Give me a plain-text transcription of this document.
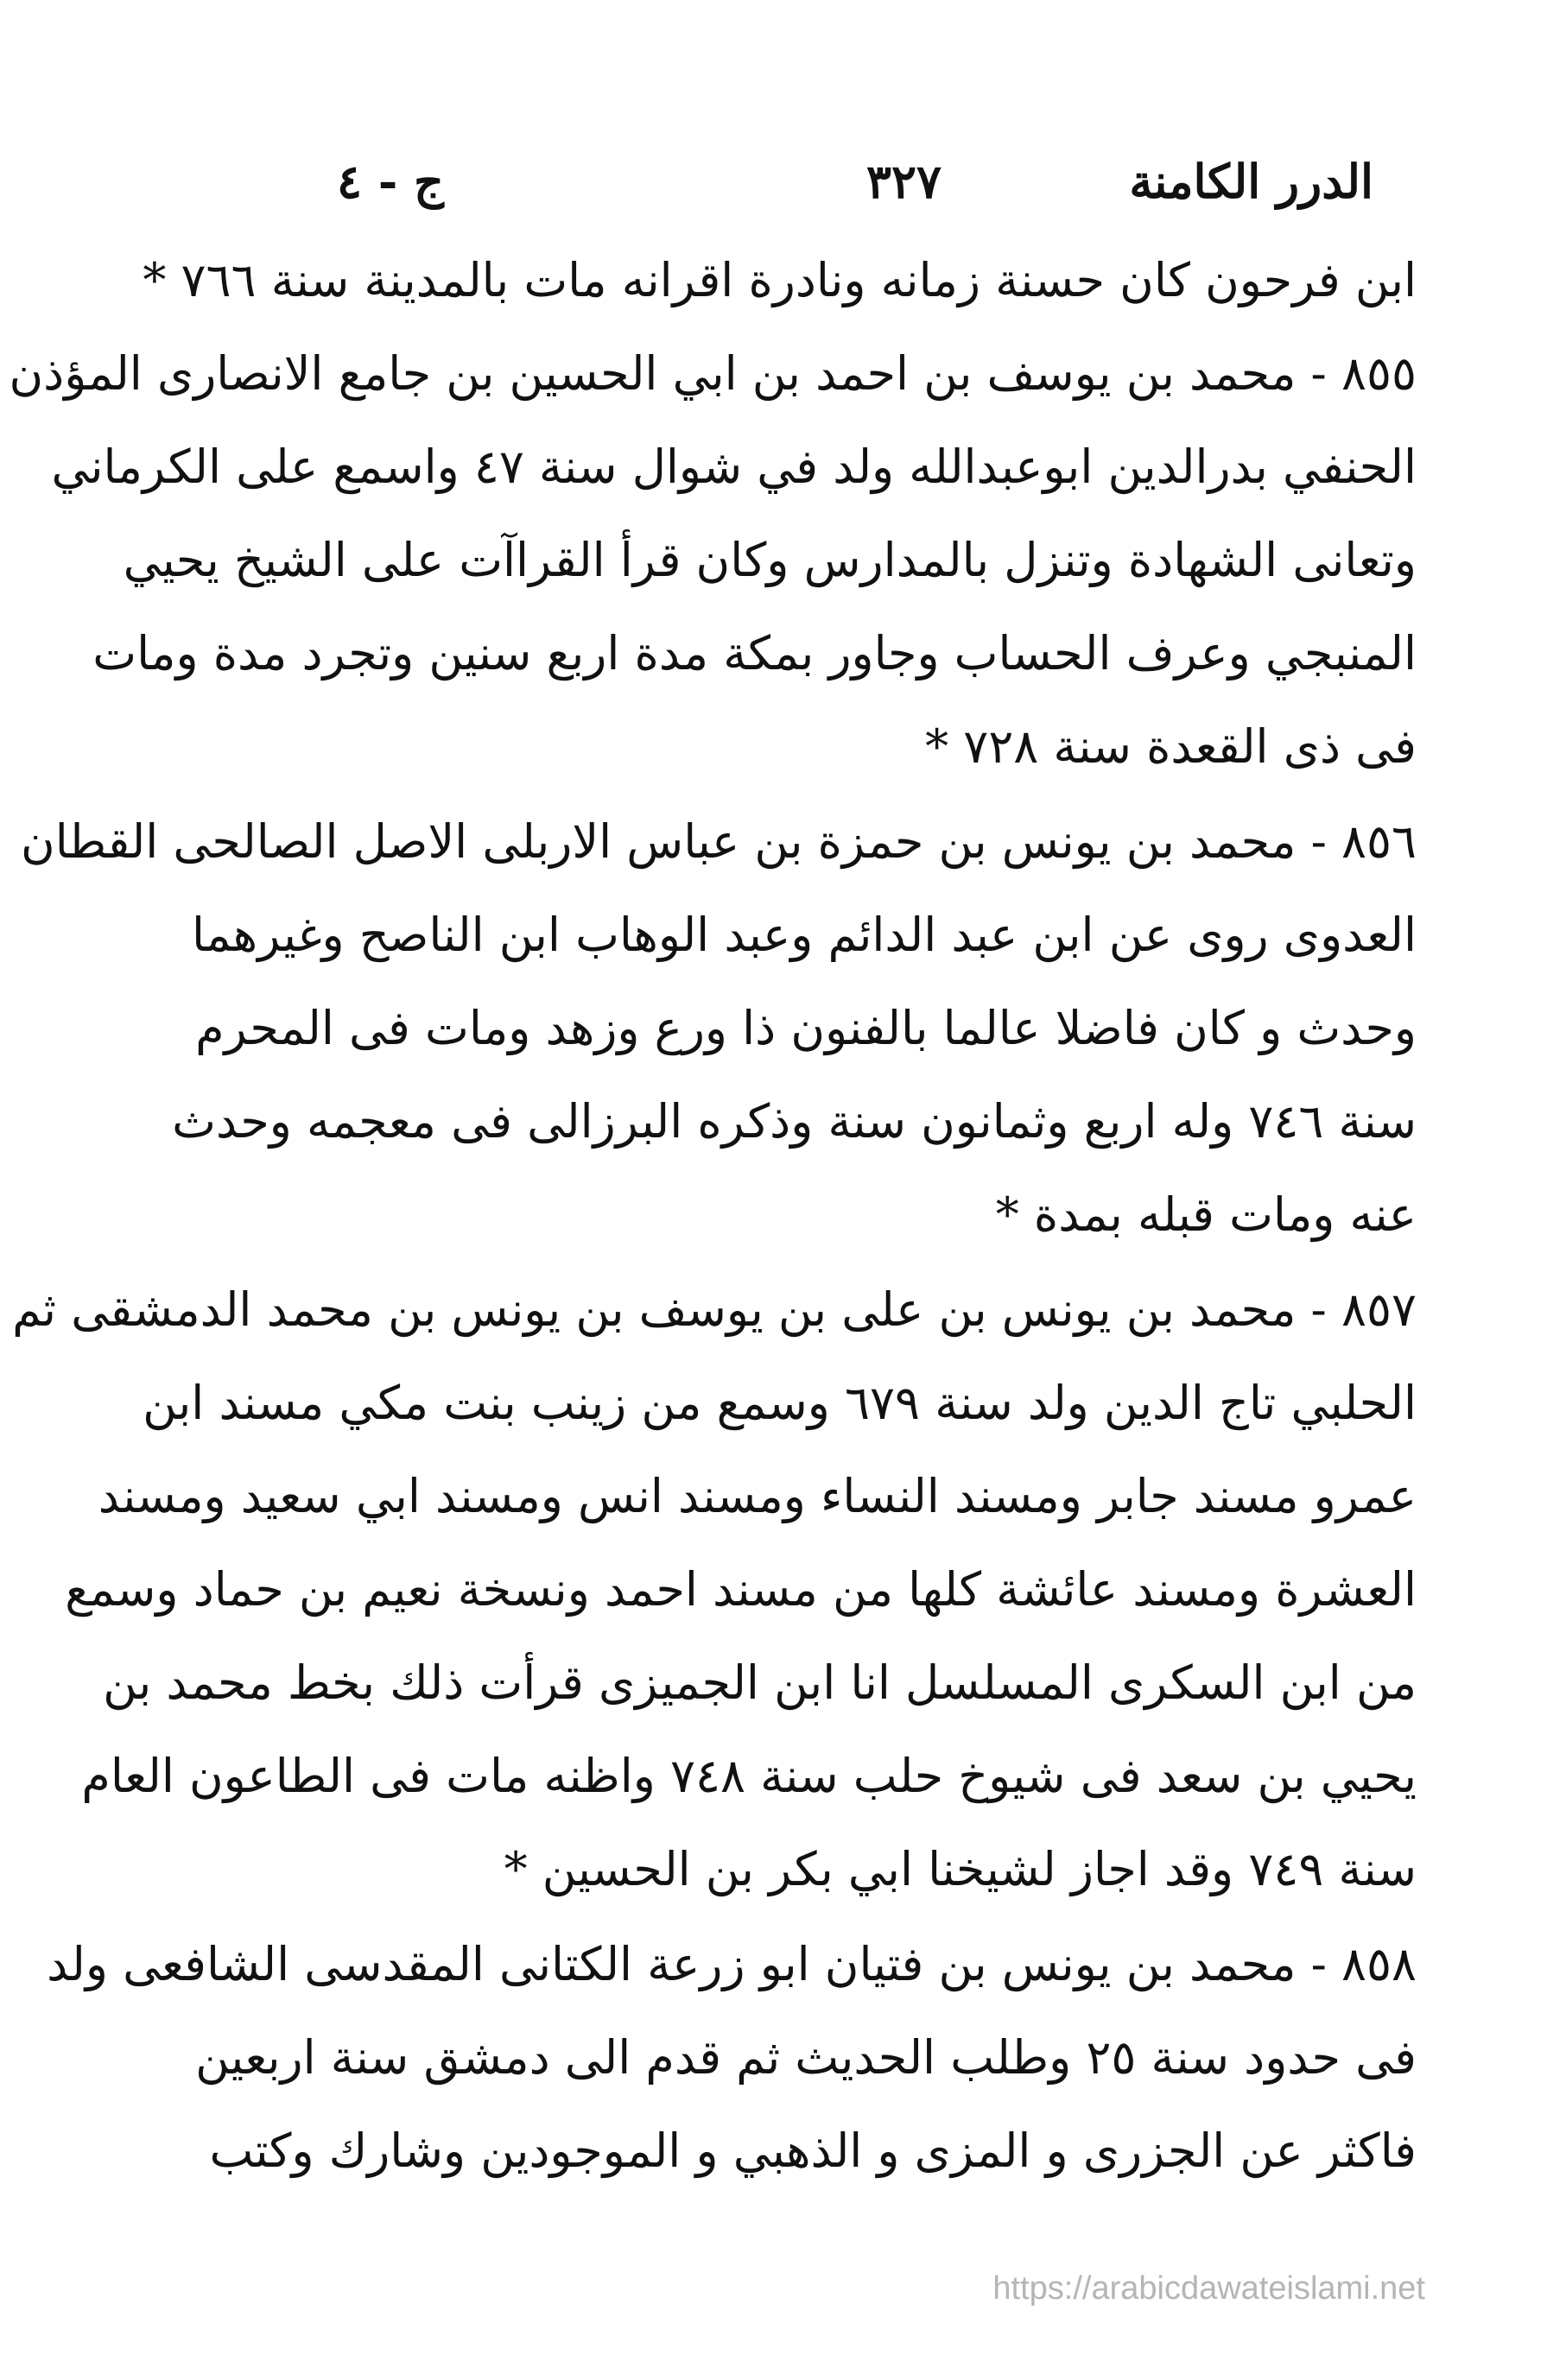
الدرر الكامنة
٣٢٧
ج - ٤
ابن فرحون كان حسنة زمانه ونادرة اقرانه مات بالمدينة سنة ٧٦٦ *
٨٥٥ - محمد بن يوسف بن احمد بن ابي الحسين بن جامع الانصارى المؤذن
الحنفي بدرالدين ابوعبدالله ولد في شوال سنة ٤٧ واسمع على الكرماني
وتعانى الشهادة وتنزل بالمدارس وكان قرأ القراآت على الشيخ يحيي
المنبجي وعرف الحساب وجاور بمكة مدة اربع سنين وتجرد مدة ومات
فى ذى القعدة سنة ٧٢٨ *
٨٥٦ - محمد بن يونس بن حمزة بن عباس الاربلى الاصل الصالحى القطان
العدوى روى عن ابن عبد الدائم وعبد الوهاب ابن الناصح وغيرهما
وحدث و كان فاضلا عالما بالفنون ذا ورع وزهد ومات فى المحرم
سنة ٧٤٦ وله اربع وثمانون سنة وذكره البرزالى فى معجمه وحدث
عنه ومات قبله بمدة *
٨٥٧ - محمد بن يونس بن على بن يوسف بن يونس بن محمد الدمشقى ثم
الحلبي تاج الدين ولد سنة ٦٧٩ وسمع من زينب بنت مكي مسند ابن
عمرو مسند جابر ومسند النساء ومسند انس ومسند ابي سعيد ومسند
العشرة ومسند عائشة كلها من مسند احمد ونسخة نعيم بن حماد وسمع
من ابن السكرى المسلسل انا ابن الجميزى قرأت ذلك بخط محمد بن
يحيي بن سعد فى شيوخ حلب سنة ٧٤٨ واظنه مات فى الطاعون العام
سنة ٧٤٩ وقد اجاز لشيخنا ابي بكر بن الحسين *
٨٥٨ - محمد بن يونس بن فتيان ابو زرعة الكتانى المقدسى الشافعى ولد
فى حدود سنة ٢٥ وطلب الحديث ثم قدم الى دمشق سنة اربعين
فاكثر عن الجزرى و المزى و الذهبي و الموجودين وشارك وكتب
https://arabicdawateislami.net
